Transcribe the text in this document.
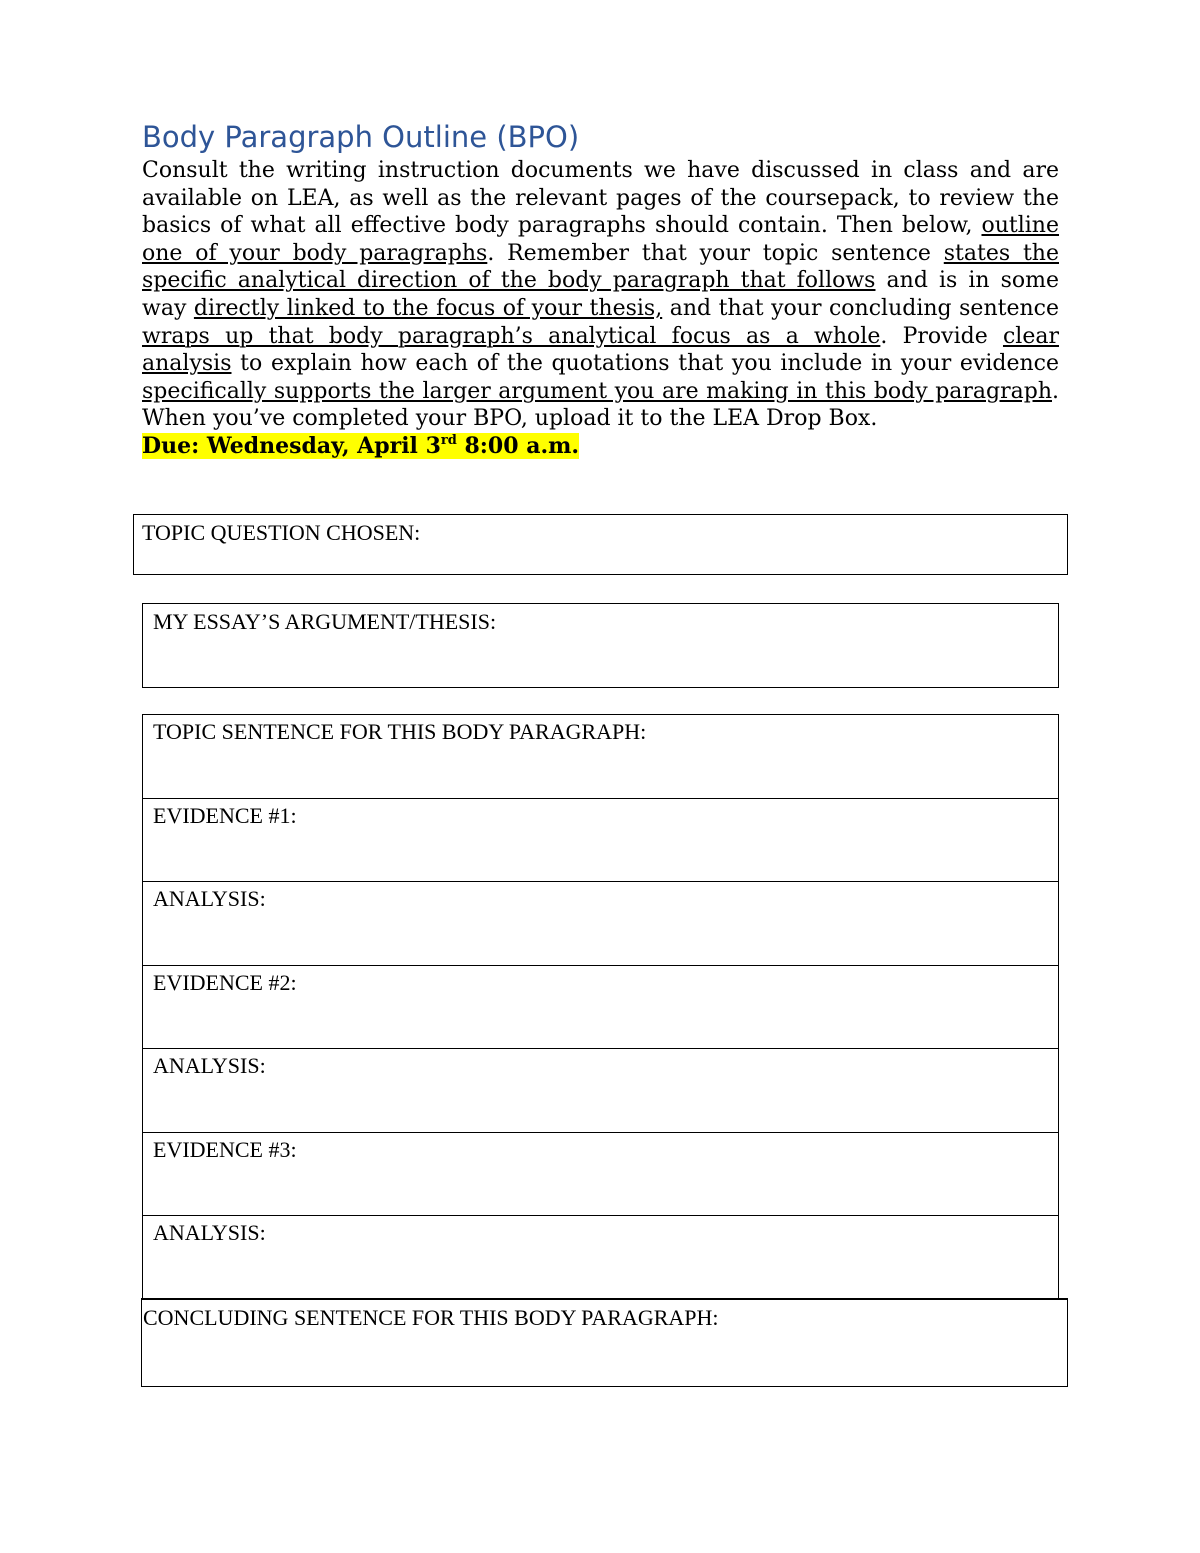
Body Paragraph Outline (BPO)

Consult the writing instruction documents we have discussed in class and are available on LEA, as well as the relevant pages of the coursepack, to review the basics of what all effective body paragraphs should contain. Then below, outline one of your body paragraphs. Remember that your topic sentence states the specific analytical direction of the body paragraph that follows and is in some way directly linked to the focus of your thesis, and that your concluding sentence wraps up that body paragraph’s analytical focus as a whole. Provide clear analysis to explain how each of the quotations that you include in your evidence specifically supports the larger argument you are making in this body paragraph. When you’ve completed your BPO, upload it to the LEA Drop Box.
Due: Wednesday, April 3rd 8:00 a.m.

TOPIC QUESTION CHOSEN:
MY ESSAY’S ARGUMENT/THESIS:
TOPIC SENTENCE FOR THIS BODY PARAGRAPH:
EVIDENCE #1:
ANALYSIS:
EVIDENCE #2:
ANALYSIS:
EVIDENCE #3:
ANALYSIS:
CONCLUDING SENTENCE FOR THIS BODY PARAGRAPH:
